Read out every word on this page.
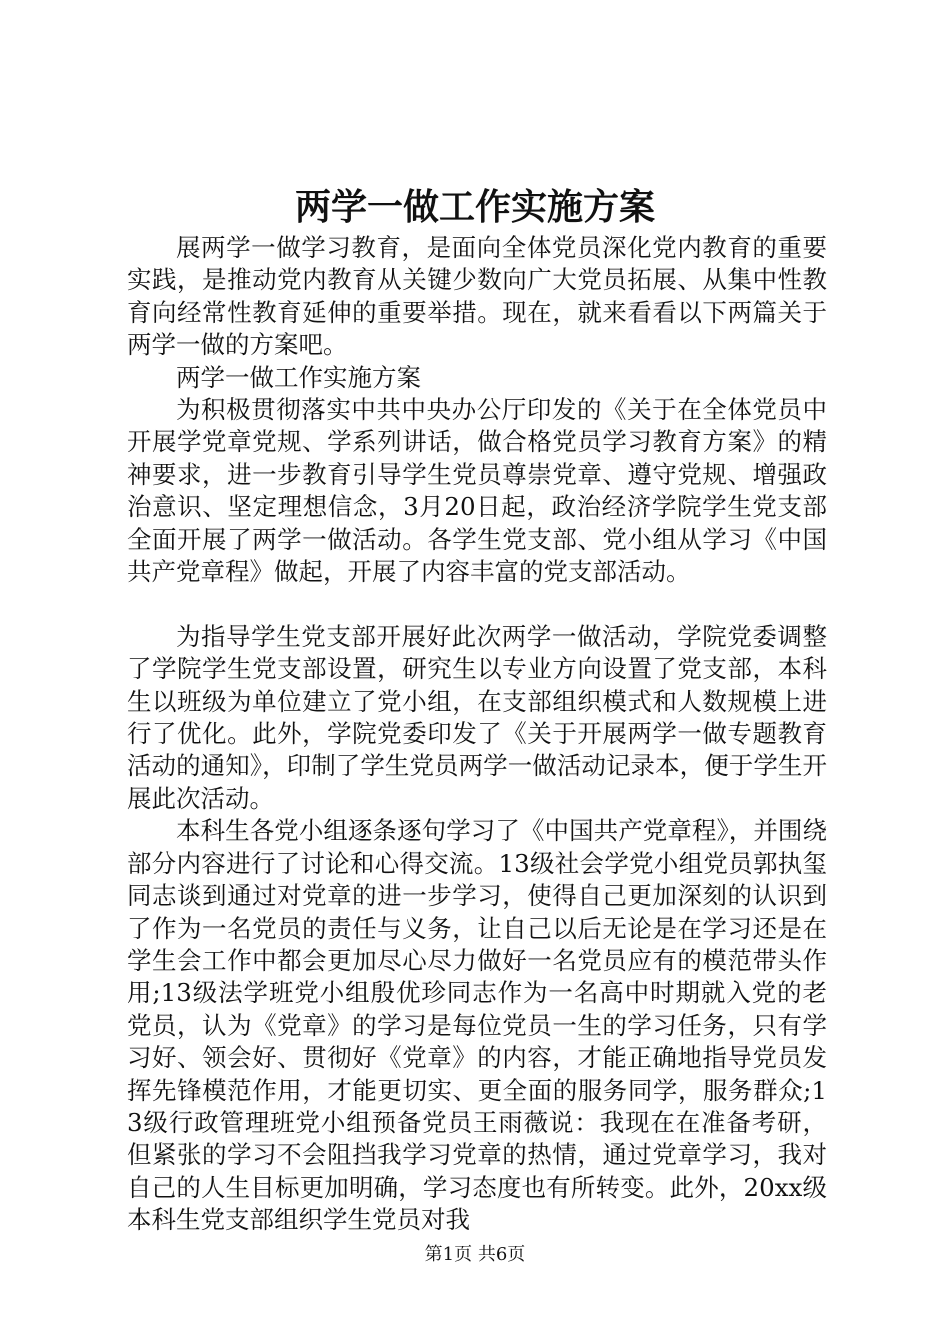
两学一做工作实施方案

展两学一做学习教育，是面向全体党员深化党内教育的重要实践，是推动党内教育从关键少数向广大党员拓展、从集中性教育向经常性教育延伸的重要举措。现在，就来看看以下两篇关于两学一做的方案吧。

两学一做工作实施方案

为积极贯彻落实中共中央办公厅印发的《关于在全体党员中开展学党章党规、学系列讲话，做合格党员学习教育方案》的精神要求，进一步教育引导学生党员尊崇党章、遵守党规、增强政治意识、坚定理想信念，3月20日起，政治经济学院学生党支部全面开展了两学一做活动。各学生党支部、党小组从学习《中国共产党章程》做起，开展了内容丰富的党支部活动。

为指导学生党支部开展好此次两学一做活动，学院党委调整了学院学生党支部设置，研究生以专业方向设置了党支部，本科生以班级为单位建立了党小组，在支部组织模式和人数规模上进行了优化。此外，学院党委印发了《关于开展两学一做专题教育活动的通知》，印制了学生党员两学一做活动记录本，便于学生开展此次活动。

本科生各党小组逐条逐句学习了《中国共产党章程》，并围绕部分内容进行了讨论和心得交流。13级社会学党小组党员郭执玺同志谈到通过对党章的进一步学习，使得自己更加深刻的认识到了作为一名党员的责任与义务，让自己以后无论是在学习还是在学生会工作中都会更加尽心尽力做好一名党员应有的模范带头作用;13级法学班党小组殷优珍同志作为一名高中时期就入党的老党员，认为《党章》的学习是每位党员一生的学习任务，只有学习好、领会好、贯彻好《党章》的内容，才能正确地指导党员发挥先锋模范作用，才能更切实、更全面的服务同学，服务群众;13级行政管理班党小组预备党员王雨薇说：我现在在准备考研，但紧张的学习不会阻挡我学习党章的热情，通过党章学习，我对自己的人生目标更加明确，学习态度也有所转变。此外，20xx级本科生党支部组织学生党员对我

第1页 共6页
